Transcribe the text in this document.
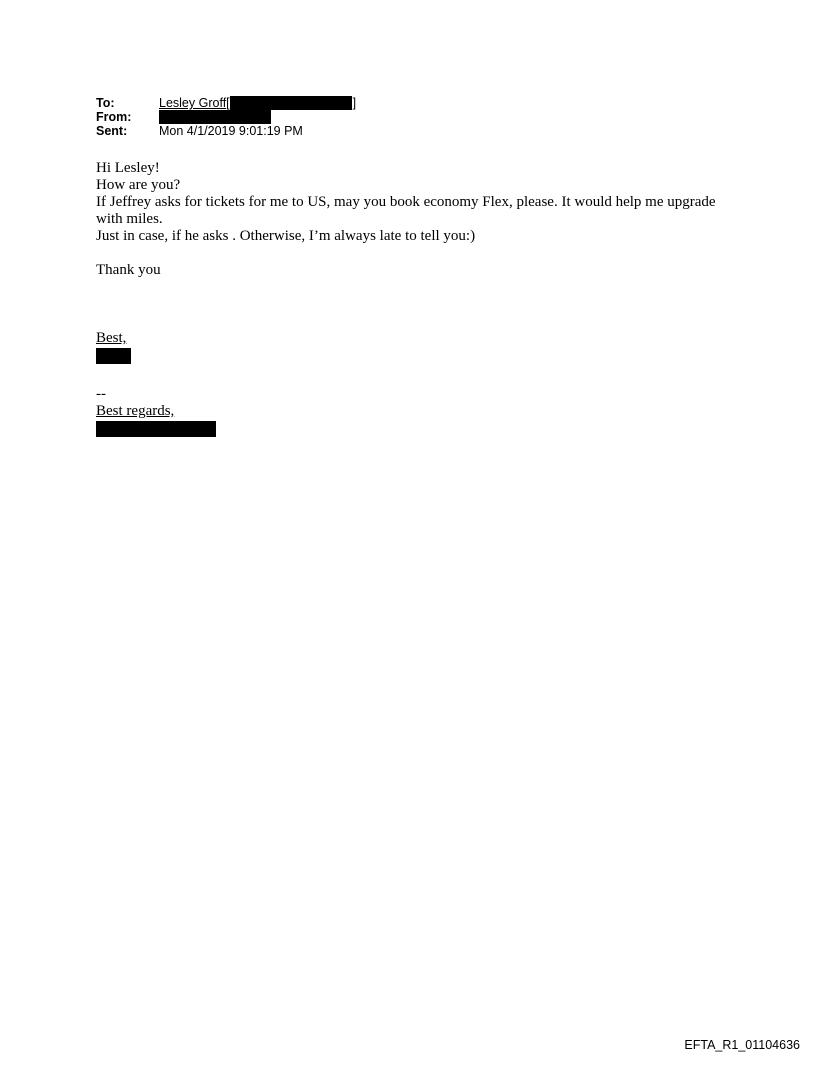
To:	Lesley Groff [	]
From:
Sent:	Mon 4/1/2019 9:01:19 PM

Hi Lesley!

How are you?

If Jeffrey asks for tickets for me to US, may you book economy Flex, please. It would help me upgrade with miles.

Just in case, if he asks . Otherwise, I’m always late to tell you:)

Thank you

Best,

--

Best regards,

EFTA_R1_01104636
